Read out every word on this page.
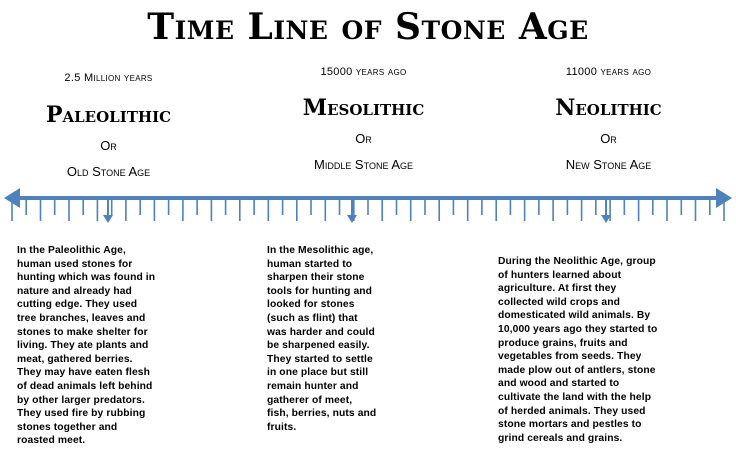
Time Line of Stone Age
2.5 Million years
Paleolithic
Or
Old Stone Age
15000 years ago
Mesolithic
Or
Middle Stone Age
11000 years ago
Neolithic
Or
New Stone Age
In the Paleolithic Age,
human used stones for
hunting which was found in
nature and already had
cutting edge. They used
tree branches, leaves and
stones to make shelter for
living. They ate plants and
meat, gathered berries.
They may have eaten flesh
of dead animals left behind
by other larger predators.
They used fire by rubbing
stones together and
roasted meet.
In the Mesolithic age,
human started to
sharpen their stone
tools for hunting and
looked for stones
(such as flint) that
was harder and could
be sharpened easily.
They started to settle
in one place but still
remain hunter and
gatherer of meet,
fish, berries, nuts and
fruits.
During the Neolithic Age, group
of hunters learned about
agriculture. At first they
collected wild crops and
domesticated wild animals. By
10,000 years ago they started to
produce grains, fruits and
vegetables from seeds. They
made plow out of antlers, stone
and wood and started to
cultivate the land with the help
of herded animals. They used
stone mortars and pestles to
grind cereals and grains.
